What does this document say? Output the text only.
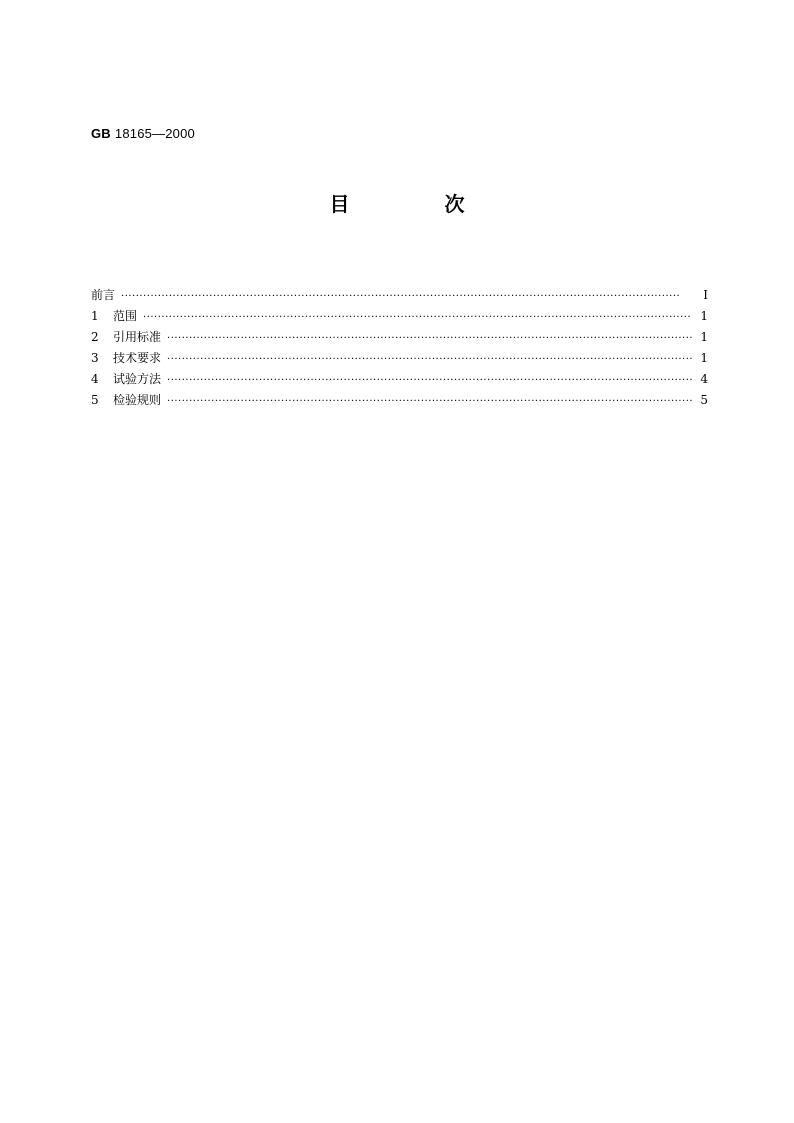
GB 18165—2000
目 次
前言 ·····	I
1	范围 ·····	1
2	引用标准 ·····	1
3	技术要求 ·····	1
4	试验方法 ·····	4
5	检验规则 ·····	5
